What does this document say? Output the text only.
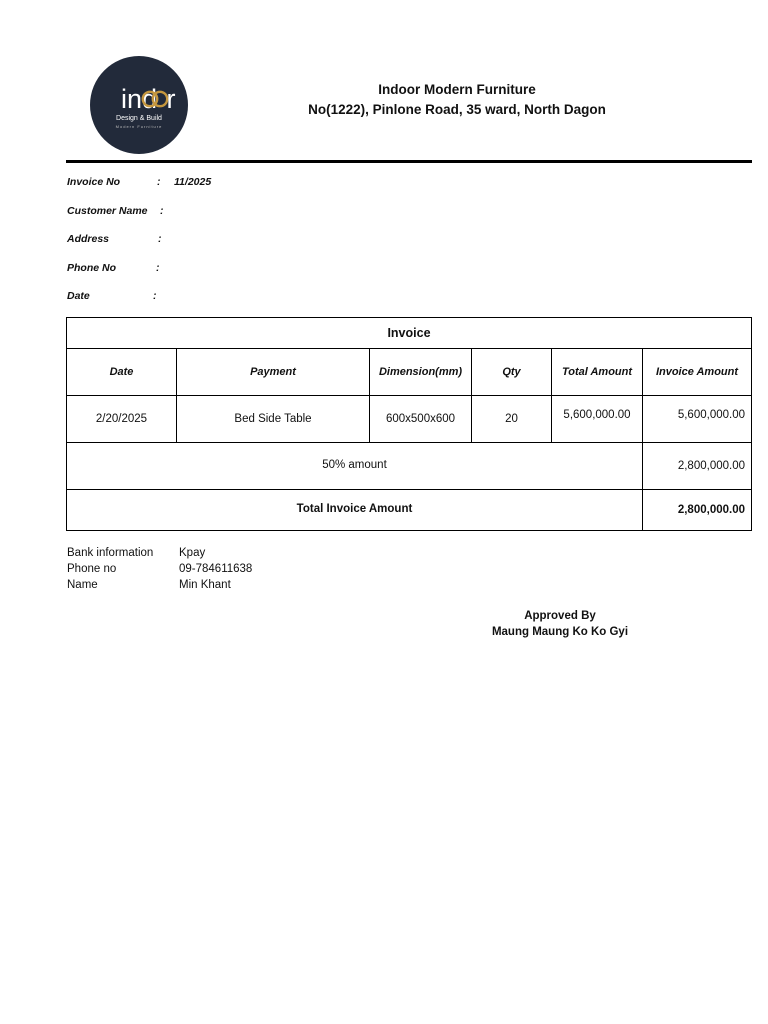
ind r
Design & Build
Modern Furniture
Indoor Modern Furniture
No(1222), Pinlone Road, 35 ward, North Dagon
Invoice No	: 11/2025
Customer Name :
Address	:
Phone No	:
Date	:
Invoice
Date	Payment	Dimension(mm)	Qty	Total Amount	Invoice Amount
2/20/2025	Bed Side Table	600x500x600	20	5,600,000.00	5,600,000.00
50% amount	2,800,000.00
Total Invoice Amount	2,800,000.00
Bank information Kpay
Phone no	09-784611638
Name	Min Khant
Approved By
Maung Maung Ko Ko Gyi
